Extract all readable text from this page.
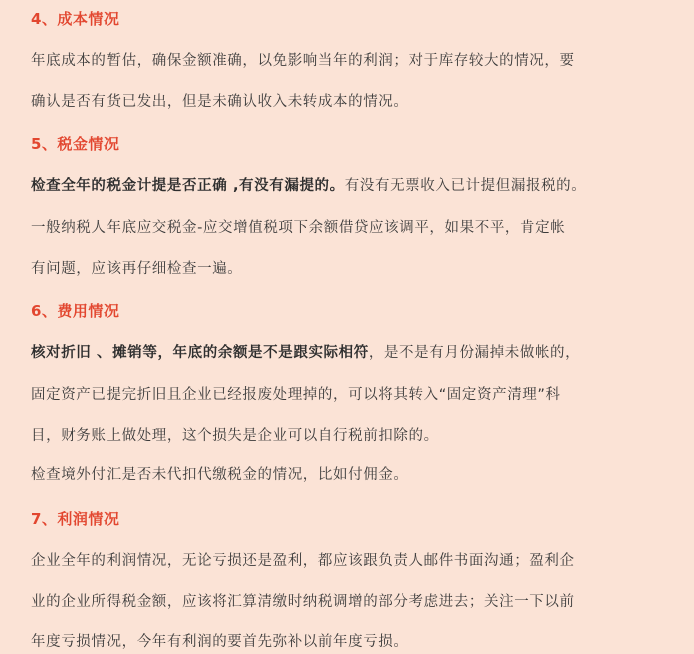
4、成本情况
年底成本的暂估，确保金额准确，以免影响当年的利润；对于库存较大的情况，要
确认是否有货已发出，但是未确认收入未转成本的情况。
5、税金情况
检查全年的税金计提是否正确 ,有没有漏提的。有没有无票收入已计提但漏报税的。
一般纳税人年底应交税金-应交增值税项下余额借贷应该调平，如果不平，肯定帐
有问题，应该再仔细检查一遍。
6、费用情况
核对折旧 、摊销等，年底的余额是不是跟实际相符，是不是有月份漏掉未做帐的，
固定资产已提完折旧且企业已经报废处理掉的，可以将其转入“固定资产清理”科
目，财务账上做处理，这个损失是企业可以自行税前扣除的。
检查境外付汇是否未代扣代缴税金的情况，比如付佣金。
7、利润情况
企业全年的利润情况，无论亏损还是盈利，都应该跟负责人邮件书面沟通；盈利企
业的企业所得税金额，应该将汇算清缴时纳税调增的部分考虑进去；关注一下以前
年度亏损情况，今年有利润的要首先弥补以前年度亏损。
